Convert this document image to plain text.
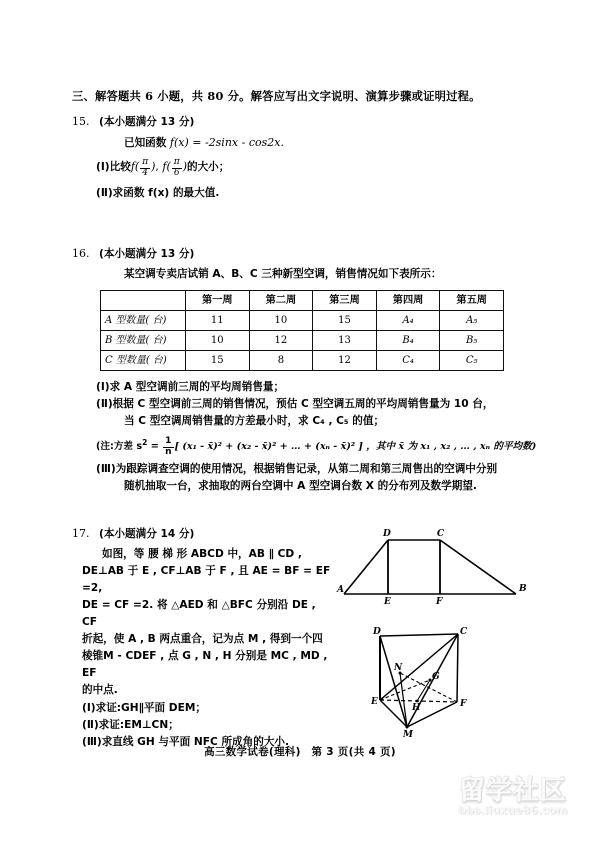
三、解答题共 6 小题，共 80 分。解答应写出文字说明、演算步骤或证明过程。
15. (本小题满分 13 分)
已知函数 f(x) = -2sinx - cos2x.
(Ⅰ)比较$f( \frac{\pi}{4}$ ), $f( \frac{\pi}{6}$ )的大小；
(Ⅱ)求函数 f(x) 的最大值.
16. (本小题满分 13 分)
某空调专卖店试销 A、B、C 三种新型空调，销售情况如下表所示：
	第一周	第二周	第三周	第四周	第五周
A 型数量( 台)	11	10	15	A₄	A₅
B 型数量( 台)	10	12	13	B₄	B₅
C 型数量( 台)	15	8	12	C₄	C₅
(Ⅰ)求 A 型空调前三周的平均周销售量；
(Ⅱ)根据 C 型空调前三周的销售情况，预估 C 型空调五周的平均周销售量为 10 台，
当 C 型空调周销售量的方差最小时，求 C₄ , C₅ 的值；
(注:方差 $s^2 = \frac{1}{n}$ [ (x₁ - x̄)² + (x₂ - x̄)² + … + (xₙ - x̄)² ] ，其中 x̄ 为 x₁ , x₂ , … , xₙ 的平均数)
(Ⅲ)为跟踪调查空调的使用情况，根据销售记录，从第二周和第三周售出的空调中分别
随机抽取一台，求抽取的两台空调中 A 型空调台数 X 的分布列及数学期望.
17. (本小题满分 14 分)
如图，等 腰 梯 形 ABCD 中，AB ∥ CD ,
DE⊥AB 于 E , CF⊥AB 于 F , 且 AE = BF = EF =2,
DE = CF =2. 将 △AED 和 △BFC 分别沿 DE , CF
折起，使 A , B 两点重合，记为点 M , 得到一个四
棱锥M - CDEF , 点 G , N , H 分别是 MC , MD , EF
的中点.
(Ⅰ)求证:GH∥平面 DEM；
(Ⅱ)求证:EM⊥CN；
(Ⅲ)求直线 GH 与平面 NFC 所成角的大小.
A	B
D	C
E	F
D	C
E	F
M
N
G
H
高三数学试卷(理科)　第 3 页(共 4 页)
留学社区
bbs.liuxue86.com
